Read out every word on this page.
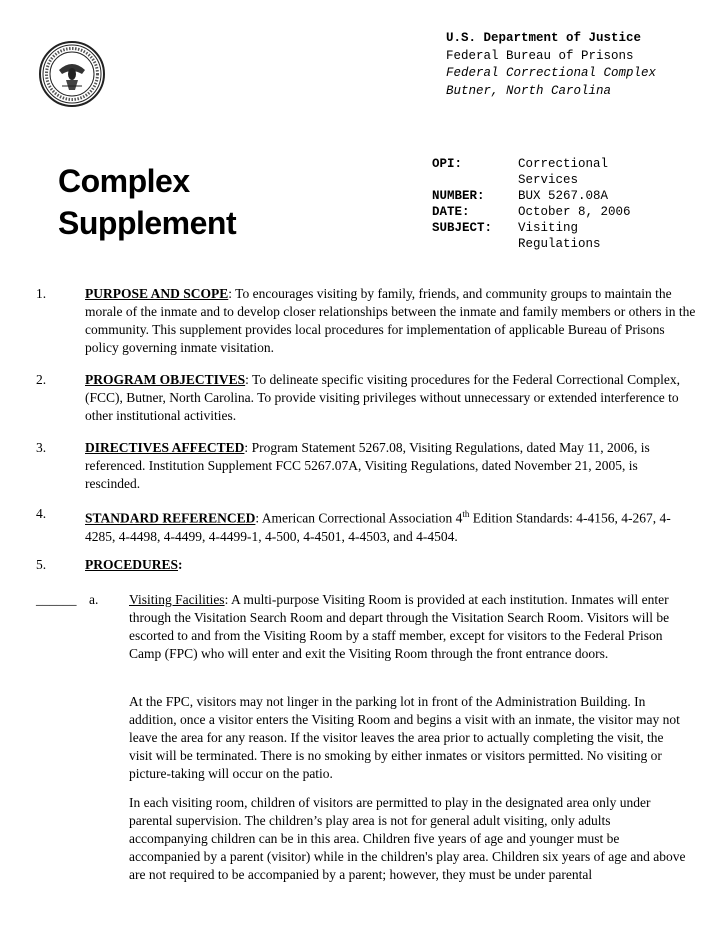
U.S. Department of Justice
Federal Bureau of Prisons
Federal Correctional Complex
Butner, North Carolina
Complex
Supplement
OPI:	Correctional Services
NUMBER:	BUX 5267.08A
DATE:	October 8, 2006
SUBJECT:	Visiting Regulations
1.	PURPOSE AND SCOPE: To encourages visiting by family, friends, and community groups to maintain the morale of the inmate and to develop closer relationships between the inmate and family members or others in the community. This supplement provides local procedures for implementation of applicable Bureau of Prisons policy governing inmate visitation.

2.	PROGRAM OBJECTIVES: To delineate specific visiting procedures for the Federal Correctional Complex, (FCC), Butner, North Carolina. To provide visiting privileges without unnecessary or extended interference to other institutional activities.

3.	DIRECTIVES AFFECTED: Program Statement 5267.08, Visiting Regulations, dated May 11, 2006, is referenced. Institution Supplement FCC 5267.07A, Visiting Regulations, dated November 21, 2005, is rescinded.

4.	STANDARD REFERENCED: American Correctional Association 4th Edition Standards: 4-4156, 4-267, 4-4285, 4-4498, 4-4499, 4-4499-1, 4-500, 4-4501, 4-4503, and 4-4504.

5.	PROCEDURES:

______ a. Visiting Facilities: A multi-purpose Visiting Room is provided at each institution. Inmates will enter through the Visitation Search Room and depart through the Visitation Search Room. Visitors will be escorted to and from the Visiting Room by a staff member, except for visitors to the Federal Prison Camp (FPC) who will enter and exit the Visiting Room through the front entrance doors.

At the FPC, visitors may not linger in the parking lot in front of the Administration Building. In addition, once a visitor enters the Visiting Room and begins a visit with an inmate, the visitor may not leave the area for any reason. If the visitor leaves the area prior to actually completing the visit, the visit will be terminated. There is no smoking by either inmates or visitors permitted. No visiting or picture-taking will occur on the patio.

In each visiting room, children of visitors are permitted to play in the designated area only under parental supervision. The children’s play area is not for general adult visiting, only adults accompanying children can be in this area. Children five years of age and younger must be accompanied by a parent (visitor) while in the children's play area. Children six years of age and above are not required to be accompanied by a parent; however, they must be under parental
